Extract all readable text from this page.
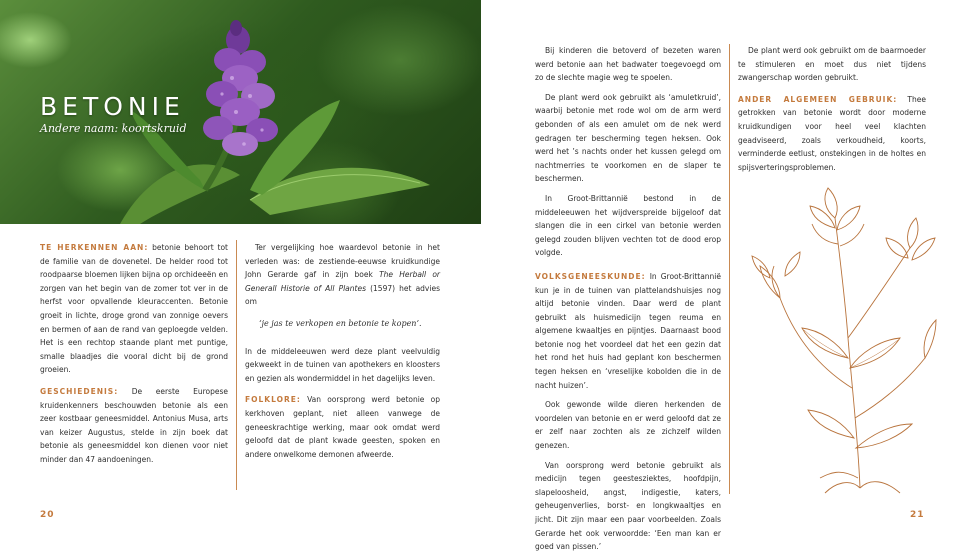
BETONIE
Andere naam: koortskruid

TE HERKENNEN AAN: betonie behoort tot de familie van de dovenetel. De helder rood tot roodpaarse bloemen lijken bijna op orchideeën en zorgen van het begin van de zomer tot ver in de herfst voor opvallende kleuraccenten. Betonie groeit in lichte, droge grond van zonnige oevers en bermen of aan de rand van geploegde velden. Het is een rechtop staande plant met puntige, smalle blaadjes die vooral dicht bij de grond groeien.

GESCHIEDENIS: De eerste Europese kruidenkenners beschouwden betonie als een zeer kostbaar geneesmiddel. Antonius Musa, arts van keizer Augustus, stelde in zijn boek dat betonie als geneesmiddel kon dienen voor niet minder dan 47 aandoeningen.

Ter vergelijking hoe waardevol betonie in het verleden was: de zestiende-eeuwse kruidkundige John Gerarde gaf in zijn boek The Herball or Generall Historie of All Plantes (1597) het advies om

‘je jas te verkopen en betonie te kopen’.

In de middeleeuwen werd deze plant veelvuldig gekweekt in de tuinen van apothekers en kloosters en gezien als wondermiddel in het dagelijks leven.

FOLKLORE: Van oorsprong werd betonie op kerkhoven geplant, niet alleen vanwege de geneeskrachtige werking, maar ook omdat werd geloofd dat de plant kwade geesten, spoken en andere onwelkome demonen afweerde.

20

Bij kinderen die betoverd of bezeten waren werd betonie aan het badwater toegevoegd om zo de slechte magie weg te spoelen.

De plant werd ook gebruikt als ‘amuletkruid’, waarbij betonie met rode wol om de arm werd gebonden of als een amulet om de nek werd gedragen ter bescherming tegen heksen. Ook werd het ’s nachts onder het kussen gelegd om nachtmerries te voorkomen en de slaper te beschermen.

In Groot-Brittannië bestond in de middeleeuwen het wijdverspreide bijgeloof dat slangen die in een cirkel van betonie werden gelegd zouden blijven vechten tot de dood erop volgde.

VOLKSGENEESKUNDE: In Groot-Brittannië kun je in de tuinen van plattelandshuisjes nog altijd betonie vinden. Daar werd de plant gebruikt als huismedicijn tegen reuma en algemene kwaaltjes en pijntjes. Daarnaast bood betonie nog het voordeel dat het een gezin dat het rond het huis had geplant kon beschermen tegen heksen en ‘vreselijke kobolden die in de nacht huizen’.

Ook gewonde wilde dieren herkenden de voordelen van betonie en er werd geloofd dat ze er zelf naar zochten als ze zichzelf wilden genezen.

Van oorsprong werd betonie gebruikt als medicijn tegen geestesziektes, hoofdpijn, slapeloosheid, angst, indigestie, katers, geheugenverlies, borst- en longkwaaltjes en jicht. Dit zijn maar een paar voorbeelden. Zoals Gerarde het ook verwoordde: ‘Een man kan er goed van pissen.’

De plant werd ook gebruikt om de baarmoeder te stimuleren en moet dus niet tijdens zwangerschap worden gebruikt.

ANDER ALGEMEEN GEBRUIK: Thee getrokken van betonie wordt door moderne kruidkundigen voor heel veel klachten geadviseerd, zoals verkoudheid, koorts, verminderde eetlust, onstekingen in de holtes en spijsverteringsproblemen.

21
